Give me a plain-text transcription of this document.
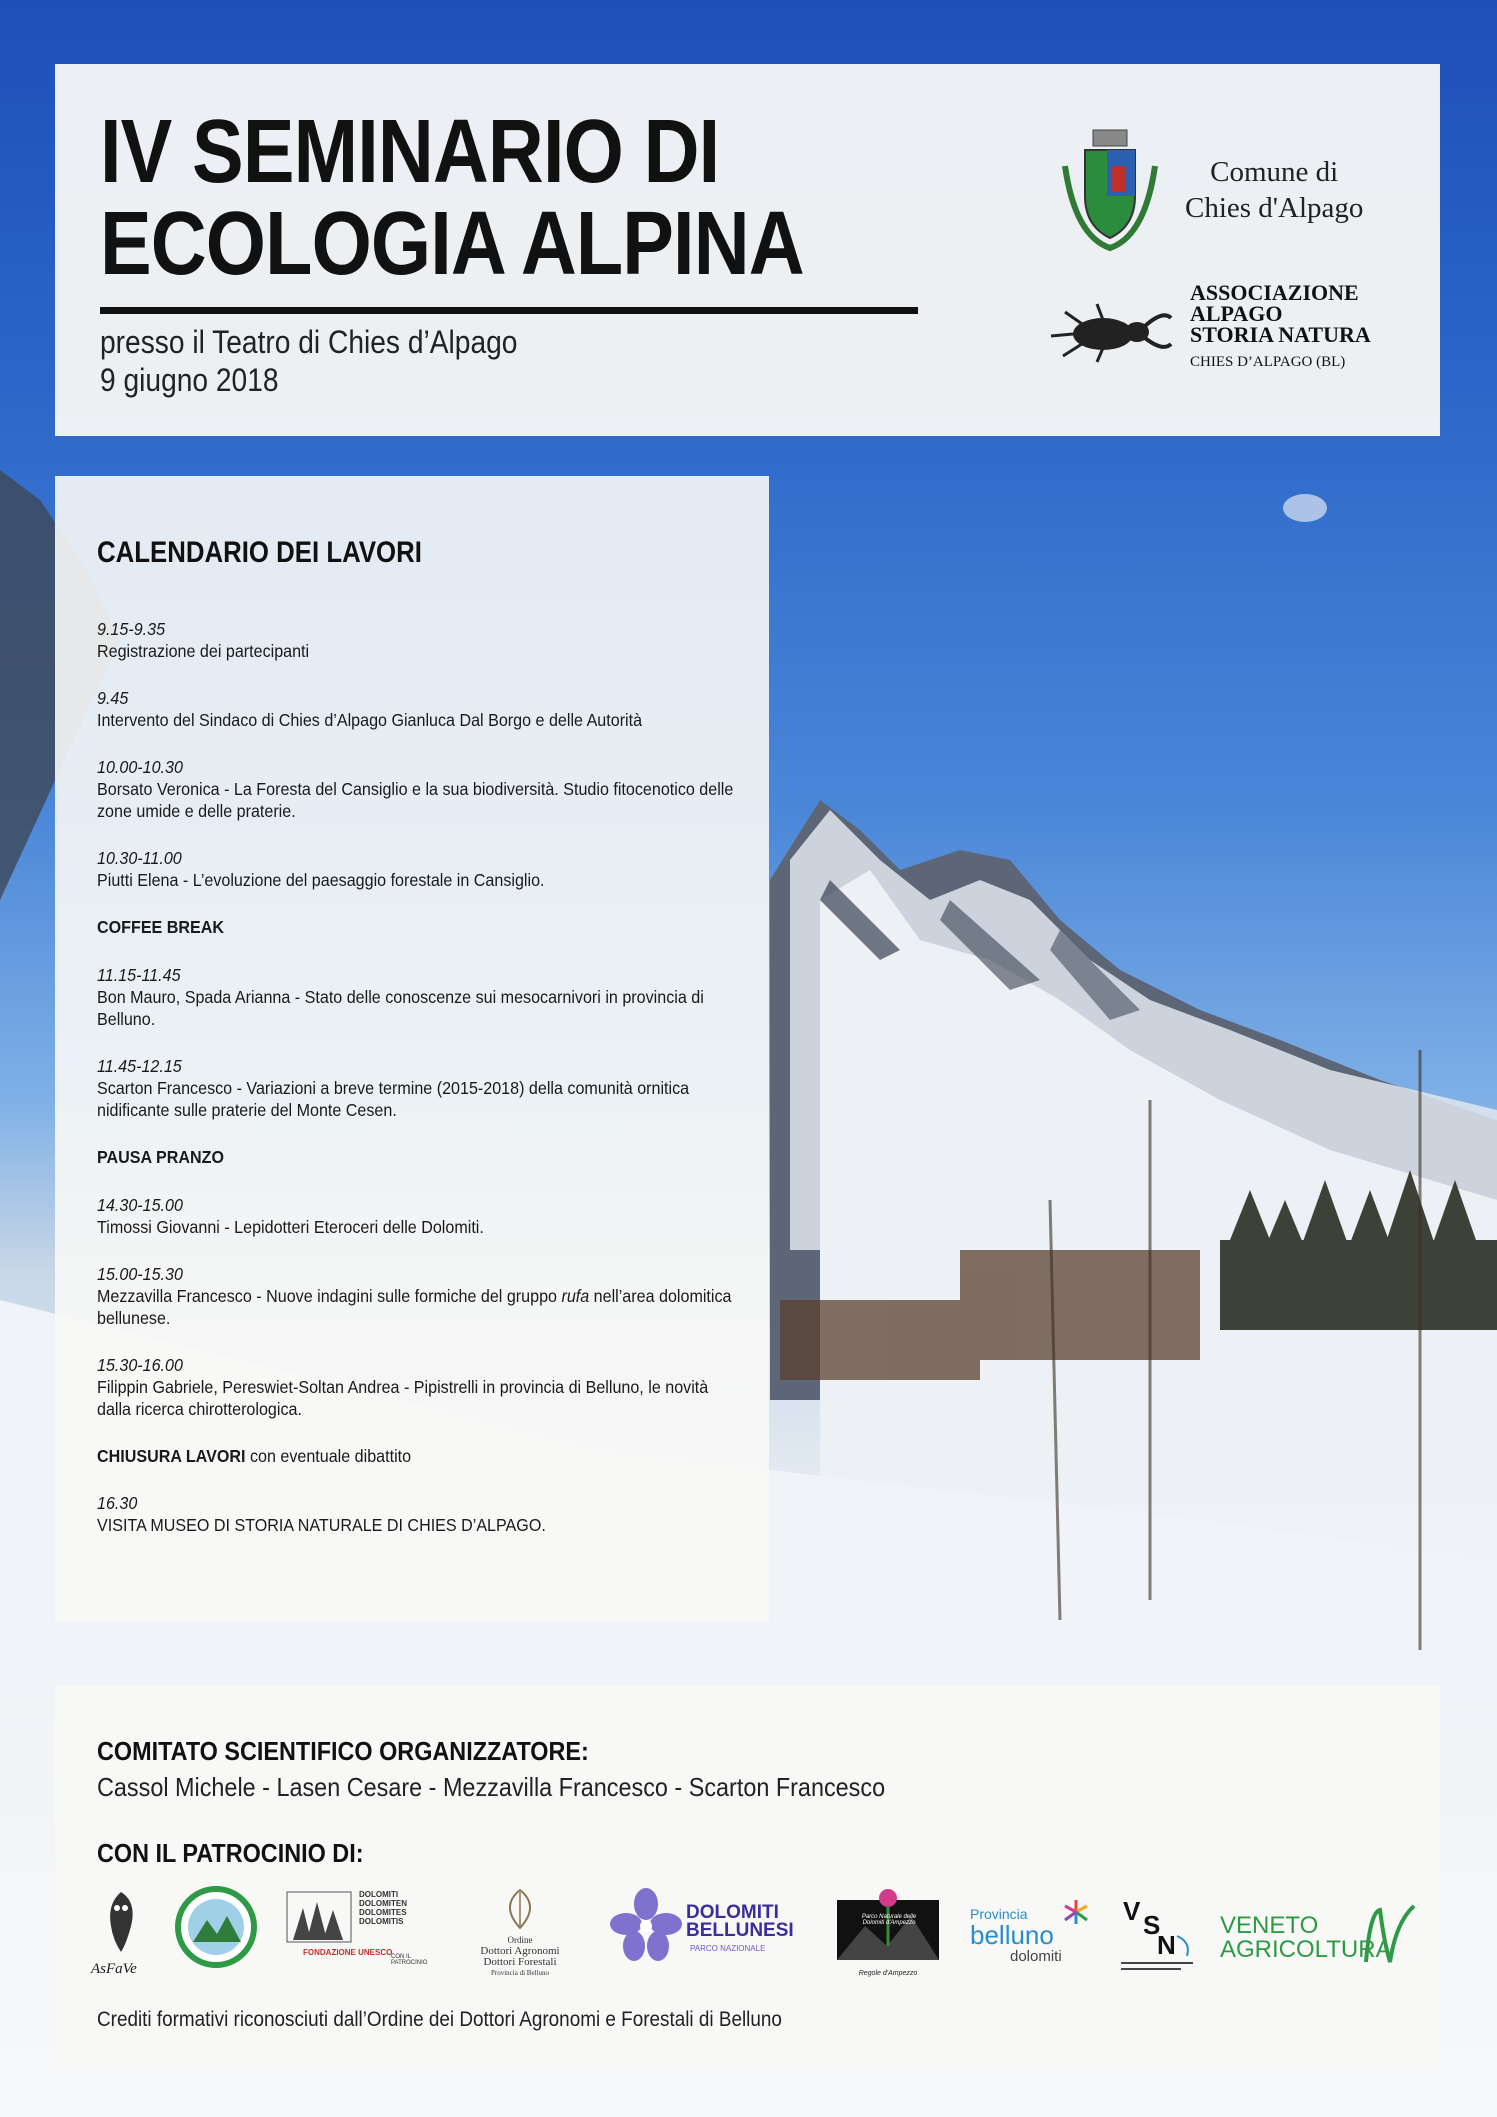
IV SEMINARIO DI
ECOLOGIA ALPINA
presso il Teatro di Chies d’Alpago
9 giugno 2018
Comune di
Chies d'Alpago
ASSOCIAZIONE
ALPAGO
STORIA NATURA
CHIES D’ALPAGO (BL)
CALENDARIO DEI LAVORI
9.15-9.35
Registrazione dei partecipanti
9.45
Intervento del Sindaco di Chies d’Alpago Gianluca Dal Borgo e delle Autorità
10.00-10.30
Borsato Veronica - La Foresta del Cansiglio e la sua biodiversità. Studio fitocenotico delle zone umide e delle praterie.
10.30-11.00
Piutti Elena - L’evoluzione del paesaggio forestale in Cansiglio.
COFFEE BREAK
11.15-11.45
Bon Mauro, Spada Arianna - Stato delle conoscenze sui mesocarnivori in provincia di Belluno.
11.45-12.15
Scarton Francesco - Variazioni a breve termine (2015-2018) della comunità ornitica nidificante sulle praterie del Monte Cesen.
PAUSA PRANZO
14.30-15.00
Timossi Giovanni - Lepidotteri Eteroceri delle Dolomiti.
15.00-15.30
Mezzavilla Francesco - Nuove indagini sulle formiche del gruppo rufa nell’area dolomitica bellunese.
15.30-16.00
Filippin Gabriele, Pereswiet-Soltan Andrea - Pipistrelli in provincia di Belluno, le novità dalla ricerca chirotterologica.
CHIUSURA LAVORI con eventuale dibattito
16.30
VISITA MUSEO DI STORIA NATURALE DI CHIES D’ALPAGO.
COMITATO SCIENTIFICO ORGANIZZATORE:
Cassol Michele - Lasen Cesare - Mezzavilla Francesco - Scarton Francesco
CON IL PATROCINIO DI:
AsFaVe
DOLOMITI
DOLOMITEN
DOLOMITES
DOLOMITIS
FONDAZIONE UNESCO
CON IL PATROCINIO
Ordine
Dottori Agronomi
Dottori Forestali
Provincia di Belluno
DOLOMITI
BELLUNESI
PARCO NAZIONALE
Parco Naturale delle
Dolomiti d'Ampezzo
Regole d'Ampezzo
Provincia
belluno
dolomiti
V S
N
VENETO
AGRICOLTURA
Crediti formativi riconosciuti dall’Ordine dei Dottori Agronomi e Forestali di Belluno
